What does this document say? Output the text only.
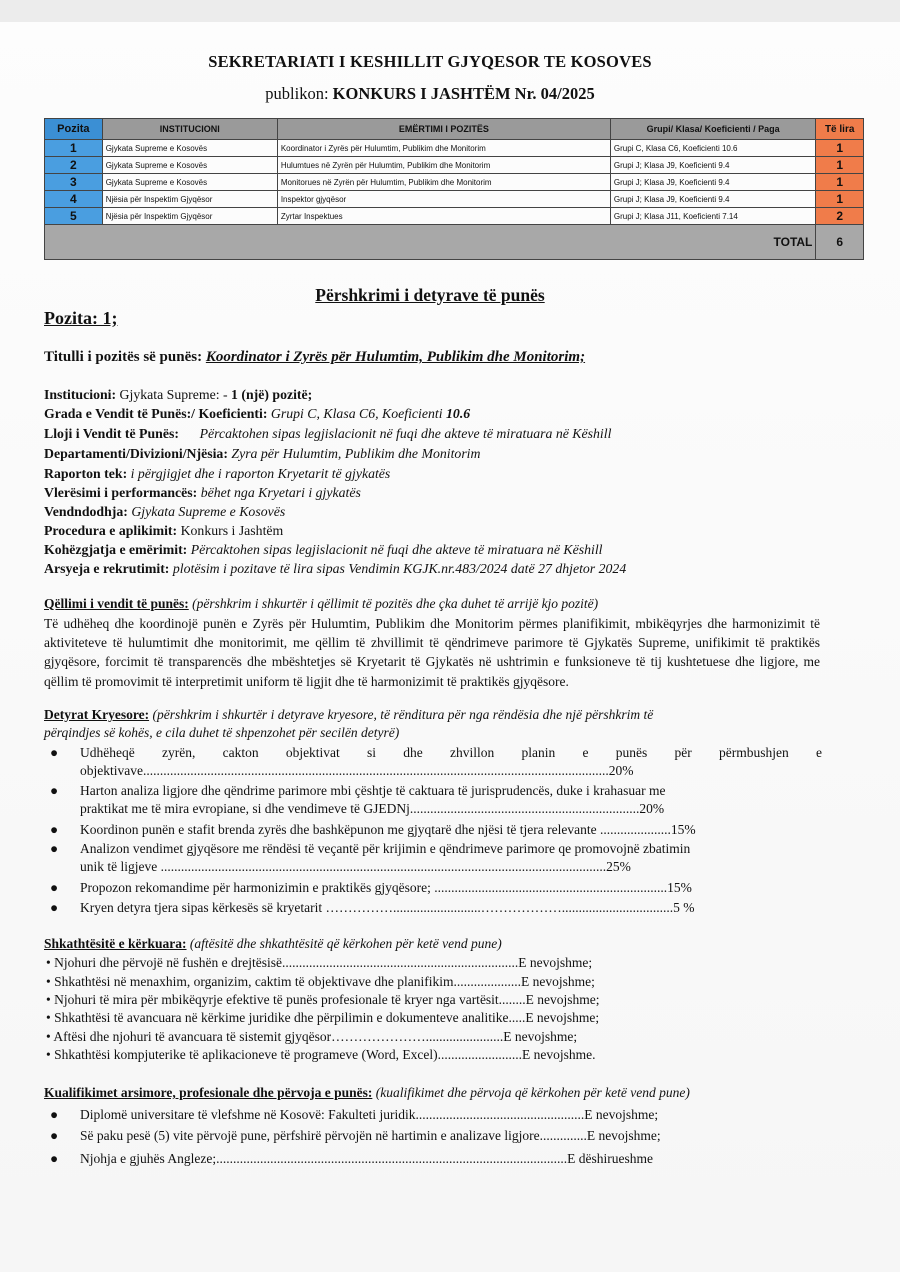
SEKRETARIATI I KESHILLIT GJYQESOR TE KOSOVES
publikon: KONKURS I JASHTËM Nr. 04/2025
Pozita	INSTITUCIONI	EMËRTIMI I POZITËS	Grupi/ Klasa/ Koeficienti / Paga	Të lira
1	Gjykata Supreme e Kosovës	Koordinator i Zyrës për Hulumtim, Publikim dhe Monitorim	Grupi C, Klasa C6, Koeficienti 10.6	1
2	Gjykata Supreme e Kosovës	Hulumtues në Zyrën për Hulumtim, Publikim dhe Monitorim	Grupi J; Klasa J9, Koeficienti 9.4	1
3	Gjykata Supreme e Kosovës	Monitorues në Zyrën për Hulumtim, Publikim dhe Monitorim	Grupi J; Klasa J9, Koeficienti 9.4	1
4	Njësia për Inspektim Gjyqësor	Inspektor gjyqësor	Grupi J; Klasa J9, Koeficienti 9.4	1
5	Njësia për Inspektim Gjyqësor	Zyrtar Inspektues	Grupi J; Klasa J11, Koeficienti 7.14	2
TOTAL				6
Përshkrimi i detyrave të punës
Pozita: 1;
Titulli i pozitës së punës: Koordinator i Zyrës për Hulumtim, Publikim dhe Monitorim;
Institucioni: Gjykata Supreme: - 1 (një) pozitë;
Grada e Vendit të Punës:/ Koeficienti: Grupi C, Klasa C6, Koeficienti 10.6
Lloji i Vendit të Punës: Përcaktohen sipas legjislacionit në fuqi dhe akteve të miratuara në Këshill
Departamenti/Divizioni/Njësia: Zyra për Hulumtim, Publikim dhe Monitorim
Raporton tek: i përgjigjet dhe i raporton Kryetarit të gjykatës
Vlerësimi i performancës: bëhet nga Kryetari i gjykatës
Vendndodhja: Gjykata Supreme e Kosovës
Procedura e aplikimit: Konkurs i Jashtëm
Kohëzgjatja e emërimit: Përcaktohen sipas legjislacionit në fuqi dhe akteve të miratuara në Këshill
Arsyeja e rekrutimit: plotësim i pozitave të lira sipas Vendimin KGJK.nr.483/2024 datë 27 dhjetor 2024
Qëllimi i vendit të punës: (përshkrim i shkurtër i qëllimit të pozitës dhe çka duhet të arrijë kjo pozitë)
Të udhëheq dhe koordinojë punën e Zyrës për Hulumtim, Publikim dhe Monitorim përmes planifikimit, mbikëqyrjes dhe harmonizimit të aktiviteteve të hulumtimit dhe monitorimit, me qëllim të zhvillimit të qëndrimeve parimore të Gjykatës Supreme, unifikimit të praktikës gjyqësore, forcimit të transparencës dhe mbështetjes së Kryetarit të Gjykatës në ushtrimin e funksioneve të tij kushtetuese dhe ligjore, me qëllim të promovimit të interpretimit uniform të ligjit dhe të harmonizimit të praktikës gjyqësore.
Detyrat Kryesore: (përshkrim i shkurtër i detyrave kryesore, të rënditura për nga rëndësia dhe një përshkrim të
përqindjes së kohës, e cila duhet të shpenzohet për secilën detyrë)
● Udhëheqë zyrën, cakton objektivat si dhe zhvillon planin e punës për përmbushjen e
objektivave..........................................................................................................................................20%
● Harton analiza ligjore dhe qëndrime parimore mbi çështje të caktuara të jurisprudencës, duke i krahasuar me
praktikat me të mira evropiane, si dhe vendimeve të GJEDNj....................................................................20%
● Koordinon punën e stafit brenda zyrës dhe bashkëpunon me gjyqtarë dhe njësi të tjera relevante .....................15%
● Analizon vendimet gjyqësore me rëndësi të veçantë për krijimin e qëndrimeve parimore qe promovojnë zbatimin
unik të ligjeve ....................................................................................................................................25%
● Propozon rekomandime për harmonizimin e praktikës gjyqësore; .....................................................................15%
● Kryen detyra tjera sipas kërkesës së kryetarit ……………..........................……………….................................5 %
Shkathtësitë e kërkuara: (aftësitë dhe shkathtësitë që kërkohen për ketë vend pune)
• Njohuri dhe përvojë në fushën e drejtësisë......................................................................E nevojshme;
• Shkathtësi në menaxhim, organizim, caktim të objektivave dhe planifikim....................E nevojshme;
• Njohuri të mira për mbikëqyrje efektive të punës profesionale të kryer nga vartësit........E nevojshme;
• Shkathtësi të avancuara në kërkime juridike dhe përpilimin e dokumenteve analitike.....E nevojshme;
• Aftësi dhe njohuri të avancuara të sistemit gjyqësor………………….......................E nevojshme;
• Shkathtësi kompjuterike të aplikacioneve të programeve (Word, Excel).........................E nevojshme.
Kualifikimet arsimore, profesionale dhe përvoja e punës: (kualifikimet dhe përvoja që kërkohen për ketë vend pune)
● Diplomë universitare të vlefshme në Kosovë: Fakulteti juridik..................................................E nevojshme;
● Së paku pesë (5) vite përvojë pune, përfshirë përvojën në hartimin e analizave ligjore..............E nevojshme;
● Njohja e gjuhës Angleze;........................................................................................................E dëshirueshme
